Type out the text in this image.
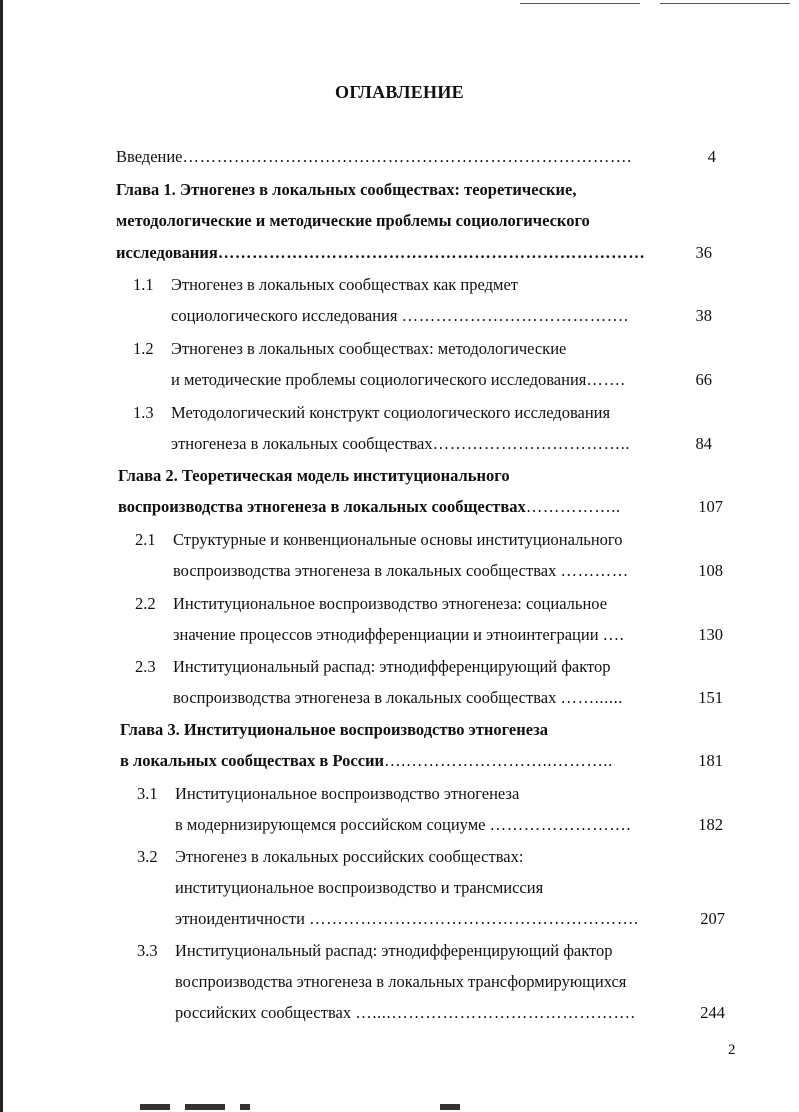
ОГЛАВЛЕНИЕ
Введение…………………………………………………………………….	4
Глава 1. Этногенез в локальных сообществах: теоретические,
методологические и методические проблемы социологического
исследования…………………………………………………………………	36
1.1 Этногенез в локальных сообществах как предмет
социологического исследования ………………………………….	38
1.2 Этногенез в локальных сообществах: методологические
и методические проблемы социологического исследования…….	66
1.3 Методологический конструкт социологического исследования
этногенеза в локальных сообществах……………………………..	84
Глава 2. Теоретическая модель институционального
воспроизводства этногенеза в локальных сообществах……………..	107
2.1 Структурные и конвенциональные основы институционального
воспроизводства этногенеза в локальных сообществах …………	108
2.2 Институциональное воспроизводство этногенеза: социальное
значение процессов этнодифференциации и этноинтеграции ….	130
2.3 Институциональный распад: этнодифференцирующий фактор
воспроизводства этногенеза в локальных сообществах ……......	151
Глава 3. Институциональное воспроизводство этногенеза
в локальных сообществах в России….……………………..………..	181
3.1 Институциональное воспроизводство этногенеза
в модернизирующемся российском социуме …………………….	182
3.2 Этногенез в локальных российских сообществах:
институциональное воспроизводство и трансмиссия
этноидентичности ………………………………………………….	207
3.3 Институциональный распад: этнодифференцирующий фактор
воспроизводства этногенеза в локальных трансформирующихся
российских сообществах …....…………………………………….	244
2
